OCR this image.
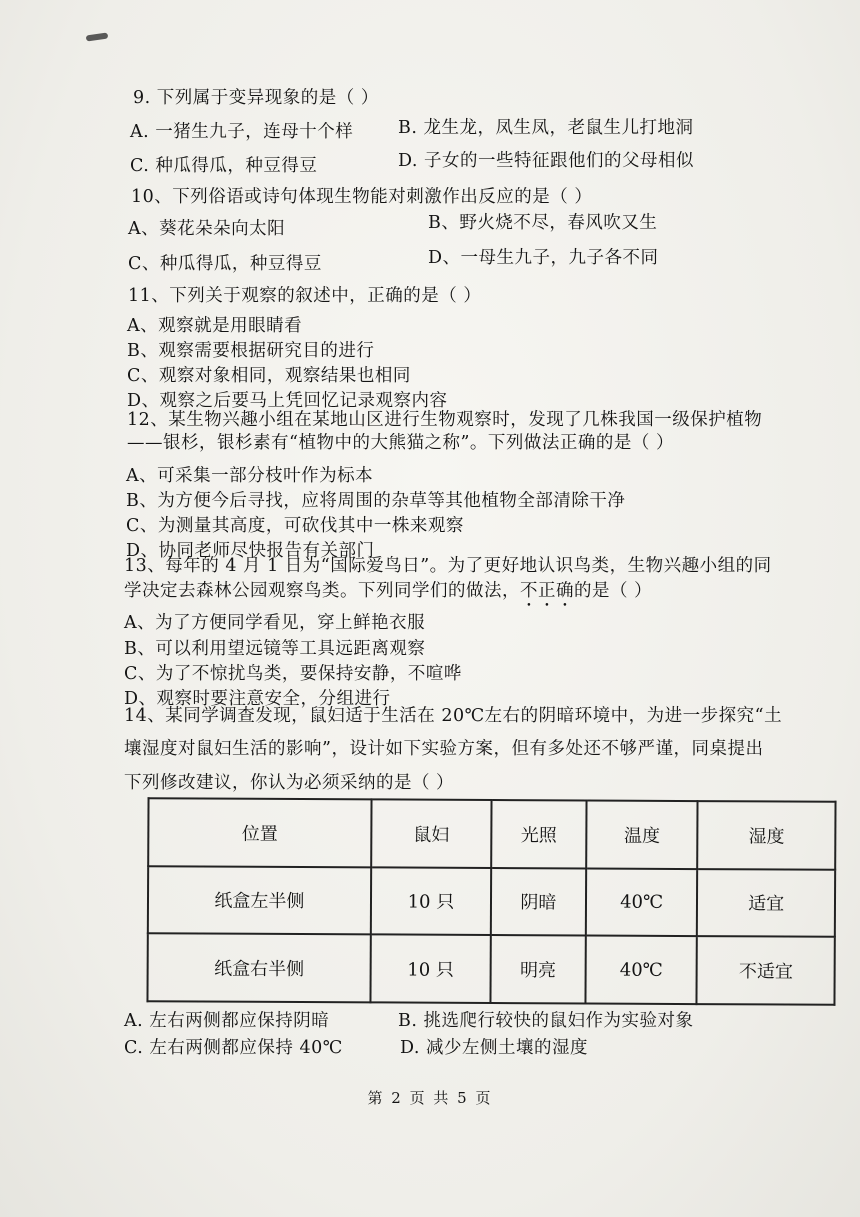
9. 下列属于变异现象的是（ ）
A. 一猪生九子，连母十个样	B. 龙生龙，凤生凤，老鼠生儿打地洞
C. 种瓜得瓜，种豆得豆	D. 子女的一些特征跟他们的父母相似
10、下列俗语或诗句体现生物能对刺激作出反应的是（ ）
A、葵花朵朵向太阳	B、野火烧不尽，春风吹又生
C、种瓜得瓜，种豆得豆	D、一母生九子，九子各不同
11、下列关于观察的叙述中，正确的是（ ）
A、观察就是用眼睛看
B、观察需要根据研究目的进行
C、观察对象相同，观察结果也相同
D、观察之后要马上凭回忆记录观察内容
12、某生物兴趣小组在某地山区进行生物观察时，发现了几株我国一级保护植物
——银杉，银杉素有“植物中的大熊猫之称”。下列做法正确的是（ ）
A、可采集一部分枝叶作为标本
B、为方便今后寻找，应将周围的杂草等其他植物全部清除干净
C、为测量其高度，可砍伐其中一株来观察
D、协同老师尽快报告有关部门
13、每年的 4 月 1 日为“国际爱鸟日”。为了更好地认识鸟类，生物兴趣小组的同
学决定去森林公园观察鸟类。下列同学们的做法，不正确的是（ ）
A、为了方便同学看见，穿上鲜艳衣服
B、可以利用望远镜等工具远距离观察
C、为了不惊扰鸟类，要保持安静，不喧哗
D、观察时要注意安全，分组进行
14、某同学调查发现，鼠妇适于生活在 20℃左右的阴暗环境中，为进一步探究“土
壤湿度对鼠妇生活的影响”，设计如下实验方案，但有多处还不够严谨，同桌提出
下列修改建议，你认为必须采纳的是（ ）
位置	鼠妇	光照	温度	湿度
纸盒左半侧	10 只	阴暗	40℃	适宜
纸盒右半侧	10 只	明亮	40℃	不适宜
A. 左右两侧都应保持阴暗	B. 挑选爬行较快的鼠妇作为实验对象
C. 左右两侧都应保持 40℃	D. 减少左侧土壤的湿度
第 2 页 共 5 页
